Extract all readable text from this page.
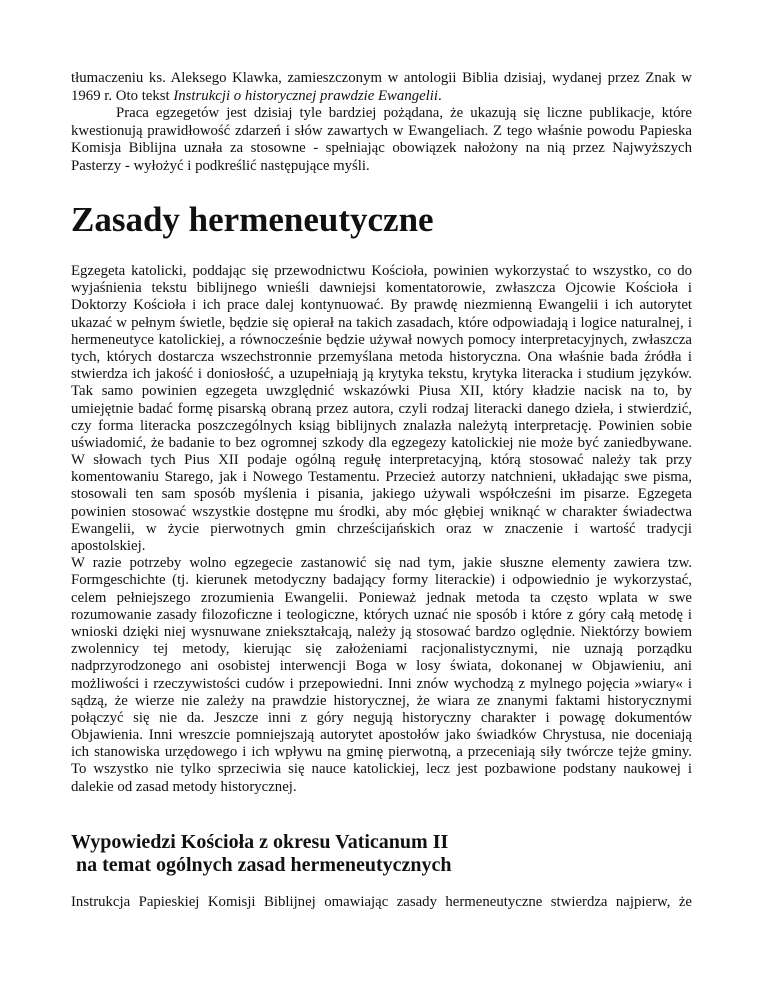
tłumaczeniu ks. Aleksego Klawka, zamieszczonym w antologii Biblia dzisiaj, wydanej przez Znak w
1969 r. Oto tekst Instrukcji o historycznej prawdzie Ewangelii.
Praca egzegetów jest dzisiaj tyle bardziej pożądana, że ukazują się liczne publikacje, które
kwestionują prawidłowość zdarzeń i słów zawartych w Ewangeliach. Z tego właśnie powodu Papieska
Komisja Biblijna uznała za stosowne - spełniając obowiązek nałożony na nią przez Najwyższych
Pasterzy - wyłożyć i podkreślić następujące myśli.
Zasady hermeneutyczne
Egzegeta katolicki, poddając się przewodnictwu Kościoła, powinien wykorzystać to wszystko, co do
wyjaśnienia tekstu biblijnego wnieśli dawniejsi komentatorowie, zwłaszcza Ojcowie Kościoła i
Doktorzy Kościoła i ich prace dalej kontynuować. By prawdę niezmienną Ewangelii i ich autorytet
ukazać w pełnym świetle, będzie się opierał na takich zasadach, które odpowiadają i logice naturalnej, i
hermeneutyce katolickiej, a równocześnie będzie używał nowych pomocy interpretacyjnych, zwłaszcza
tych, których dostarcza wszechstronnie przemyślana metoda historyczna. Ona właśnie bada źródła i
stwierdza ich jakość i doniosłość, a uzupełniają ją krytyka tekstu, krytyka literacka i studium języków.
Tak samo powinien egzegeta uwzględnić wskazówki Piusa XII, który kładzie nacisk na to, by
umiejętnie badać formę pisarską obraną przez autora, czyli rodzaj literacki danego dzieła, i stwierdzić,
czy forma literacka poszczególnych ksiąg biblijnych znalazła należytą interpretację. Powinien sobie
uświadomić, że badanie to bez ogromnej szkody dla egzegezy katolickiej nie może być zaniedbywane.
W słowach tych Pius XII podaje ogólną regułę interpretacyjną, którą stosować należy tak przy
komentowaniu Starego, jak i Nowego Testamentu. Przecież autorzy natchnieni, układając swe pisma,
stosowali ten sam sposób myślenia i pisania, jakiego używali współcześni im pisarze. Egzegeta
powinien stosować wszystkie dostępne mu środki, aby móc głębiej wniknąć w charakter świadectwa
Ewangelii, w życie pierwotnych gmin chrześcijańskich oraz w znaczenie i wartość tradycji
apostolskiej.
W razie potrzeby wolno egzegecie zastanowić się nad tym, jakie słuszne elementy zawiera tzw.
Formgeschichte (tj. kierunek metodyczny badający formy literackie) i odpowiednio je wykorzystać,
celem pełniejszego zrozumienia Ewangelii. Ponieważ jednak metoda ta często wplata w swe
rozumowanie zasady filozoficzne i teologiczne, których uznać nie sposób i które z góry całą metodę i
wnioski dzięki niej wysnuwane zniekształcają, należy ją stosować bardzo oględnie. Niektórzy bowiem
zwolennicy tej metody, kierując się założeniami racjonalistycznymi, nie uznają porządku
nadprzyrodzonego ani osobistej interwencji Boga w losy świata, dokonanej w Objawieniu, ani
możliwości i rzeczywistości cudów i przepowiedni. Inni znów wychodzą z mylnego pojęcia »wiary« i
sądzą, że wierze nie zależy na prawdzie historycznej, że wiara ze znanymi faktami historycznymi
połączyć się nie da. Jeszcze inni z góry negują historyczny charakter i powagę dokumentów
Objawienia. Inni wreszcie pomniejszają autorytet apostołów jako świadków Chrystusa, nie doceniają
ich stanowiska urzędowego i ich wpływu na gminę pierwotną, a przeceniają siły twórcze tejże gminy.
To wszystko nie tylko sprzeciwia się nauce katolickiej, lecz jest pozbawione podstany naukowej i
dalekie od zasad metody historycznej.
Wypowiedzi Kościoła z okresu Vaticanum II
na temat ogólnych zasad hermeneutycznych
Instrukcja Papieskiej Komisji Biblijnej omawiając zasady hermeneutyczne stwierdza najpierw, że
